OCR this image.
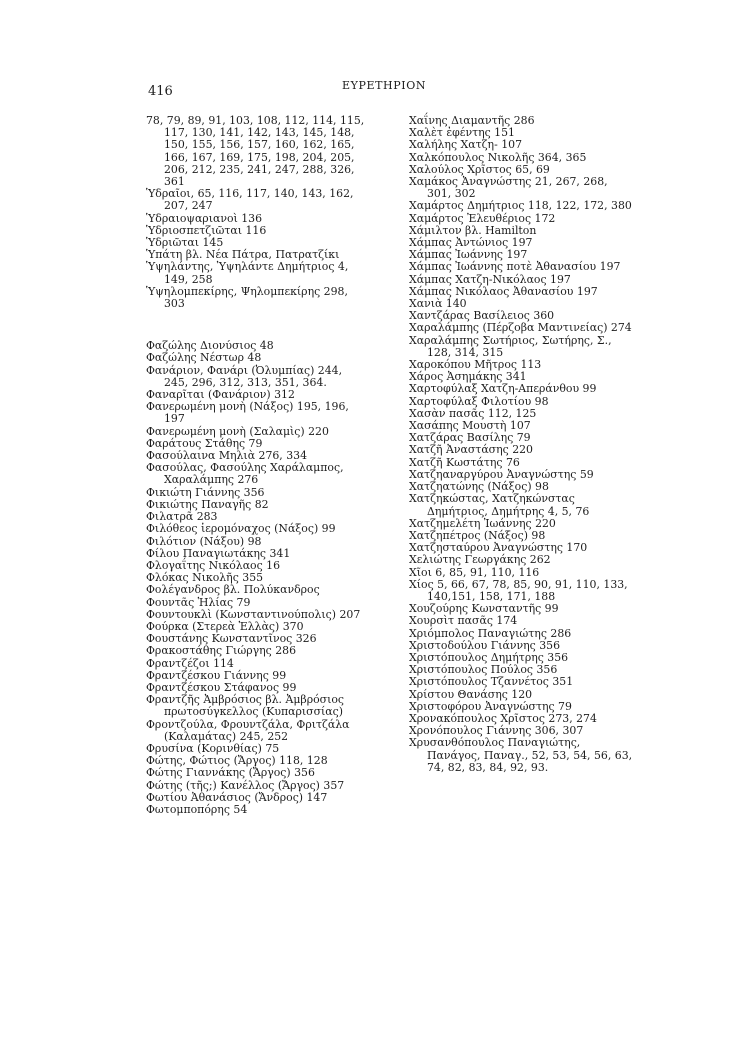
416	ΕΥΡΕΤΗΡΙΟΝ

78, 79, 89, 91, 103, 108, 112, 114, 115, 117, 130, 141, 142, 143, 145, 148, 150, 155, 156, 157, 160, 162, 165, 166, 167, 169, 175, 198, 204, 205, 206, 212, 235, 241, 247, 288, 326, 361

Ὑδραῖοι, 65, 116, 117, 140, 143, 162, 207, 247

Ὑδραιοψαριανοὶ 136

Ὑδριοσπετζιῶται 116

Ὑδριῶται 145

Ὑπάτη βλ. Νέα Πάτρα, Πατρατζίκι

Ὑψηλάντης, Ὑψηλάντε Δημήτριος 4, 149, 258

Ὑψηλομπεκίρης, Ψηλομπεκίρης 298, 303

Φαζώλης Διονύσιος 48

Φαζώλης Νέστωρ 48

Φανάριον, Φανάρι (Ὀλυμπίας) 244, 245, 296, 312, 313, 351, 364.

Φαναρῖται (Φανάριον) 312

Φανερωμένη μονὴ (Νάξος) 195, 196, 197

Φανερωμένη μονὴ (Σαλαμὶς) 220

Φαράτους Στάθης 79

Φασούλαινα Μηλιὰ 276, 334

Φασούλας, Φασούλης Χαράλαμπος, Χαραλάμπης 276

Φικιώτη Γιάννης 356

Φικιώτης Παναγῆς 82

Φιλατρᾶ 283

Φιλόθεος ἱερομόναχος (Νάξος) 99

Φιλότιον (Νάξου) 98

Φίλου Παναγιωτάκης 341

Φλογαΐτης Νικόλαος 16

Φλόκας Νικολῆς 355

Φολέγανδρος βλ. Πολύκανδρος

Φουντᾶς Ἡλίας 79

Φουντουκλὶ (Κωνσταντινούπολις) 207

Φούρκα (Στερεὰ Ἑλλὰς) 370

Φουστάνης Κωνσταντῖνος 326

Φρακοστάθης Γιώργης 286

Φραντζέζοι 114

Φραντζέσκου Γιάννης 99

Φραντζέσκου Στάφανος 99

Φραντζῆς Ἀμβρόσιος βλ. Ἀμβρόσιος πρωτοσύγκελλος (Κυπαρισσίας)

Φροντζούλα, Φρουντζάλα, Φριτζάλα (Καλαμάτας) 245, 252

Φρυσίνα (Κορινθίας) 75

Φώτης, Φώτιος (Ἄργος) 118, 128

Φώτης Γιαννάκης (Ἄργος) 356

Φώτης (τῆς;) Κανέλλος (Ἄργος) 357

Φωτίου Ἀθανάσιος (Ἄνδρος) 147

Φωτομποπόρης 54

Χαΐνης Διαμαντῆς 286

Χαλὲτ ἐφέντης 151

Χαλήλης Χατζη- 107

Χαλκόπουλος Νικολῆς 364, 365

Χαλούλος Χρῖστος 65, 69

Χαμάκος Ἀναγνώστης 21, 267, 268, 301, 302

Χαμάρτος Δημήτριος 118, 122, 172, 380

Χαμάρτος Ἐλευθέριος 172

Χάμιλτον βλ. Hamilton

Χάμπας Ἀντώνιος 197

Χάμπας Ἰωάννης 197

Χάμπας Ἰωάννης ποτὲ Ἀθανασίου 197

Χάμπας Χατζη-Νικόλαος 197

Χάμπας Νικόλαος Ἀθανασίου 197

Χανιὰ 140

Χαντζάρας Βασίλειος 360

Χαραλάμπης (Πέρζοβα Μαντινείας) 274

Χαραλάμπης Σωτήριος, Σωτήρης, Σ., 128, 314, 315

Χαροκόπου Μῆτρος 113

Χάρος Ἀσημάκης 341

Χαρτοφύλαξ Χατζη-Απεράνθου 99

Χαρτοφύλαξ Φιλοτίου 98

Χασὰν πασᾶς 112, 125

Χασάπης Μουστὴ 107

Χατζάρας Βασίλης 79

Χατζῆ Ἀναστάσης 220

Χατζῆ Κωστάτης 76

Χατζηαναργύρου Ἀναγνώστης 59

Χατζηατώνης (Νάξος) 98

Χατζηκώστας, Χατζηκώνστας Δημήτριος, Δημήτρης 4, 5, 76

Χατζημελέτη Ἰωάννης 220

Χατζηπέτρος (Νάξος) 98

Χατζησταύρου Ἀναγνώστης 170

Χελιώτης Γεωργάκης 262

Χῖοι 6, 85, 91, 110, 116

Χίος 5, 66, 67, 78, 85, 90, 91, 110, 133, 140,151, 158, 171, 188

Χουζούρης Κωνσταντῆς 99

Χουρσὶτ πασᾶς 174

Χριόμπολος Παναγιώτης 286

Χριστοδούλου Γιάννης 356

Χριστόπουλος Δημήτρης 356

Χριστόπουλος Πούλος 356

Χριστόπουλος Τζαννέτος 351

Χρίστου Θανάσης 120

Χριστοφόρου Ἀναγνώστης 79

Χρονακόπουλος Χρῖστος 273, 274

Χρονόπουλος Γιάννης 306, 307

Χρυσανθόπουλος Παναγιώτης, Πανάγος, Παναγ., 52, 53, 54, 56, 63, 74, 82, 83, 84, 92, 93.
